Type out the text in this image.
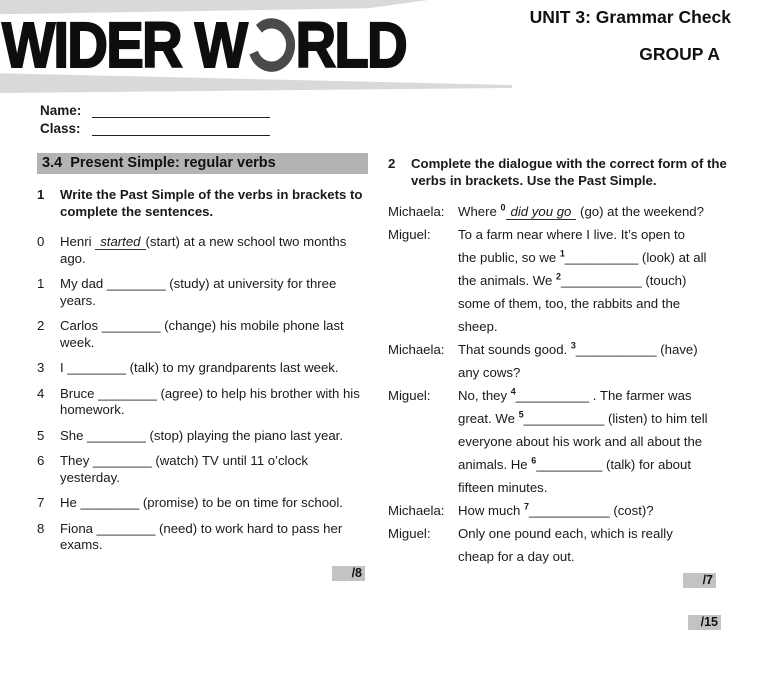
WIDER W RLD	UNIT 3: Grammar Check
GROUP A
Name:
Class:
3.4  Present Simple: regular verbs
1	Write the Past Simple of the verbs in brackets to complete the sentences.
0	Henri started (start) at a new school two months ago.
1	My dad ________ (study) at university for three years.
2	Carlos ________ (change) his mobile phone last week.
3	I ________ (talk) to my grandparents last week.
4	Bruce ________ (agree) to help his brother with his homework.
5	She ________ (stop) playing the piano last year.
6	They ________ (watch) TV until 11 o’clock yesterday.
7	He ________ (promise) to be on time for school.
8	Fiona ________ (need) to work hard to pass her exams.
/8
2	Complete the dialogue with the correct form of the verbs in brackets. Use the Past Simple.
Michaela:	Where $^0$ did you go (go) at the weekend?
Miguel:	To a farm near where I live. It’s open to
the public, so we $^1$__________ (look) at all
the animals. We $^2$___________ (touch)
some of them, too, the rabbits and the
sheep.
Michaela:	That sounds good. $^3$___________ (have)
any cows?
Miguel:	No, they $^4$__________ . The farmer was
great. We $^5$___________ (listen) to him tell
everyone about his work and all about the
animals. He $^6$_________ (talk) for about
fifteen minutes.
Michaela:	How much $^7$___________ (cost)?
Miguel:	Only one pound each, which is really
cheap for a day out.
/7
/15
